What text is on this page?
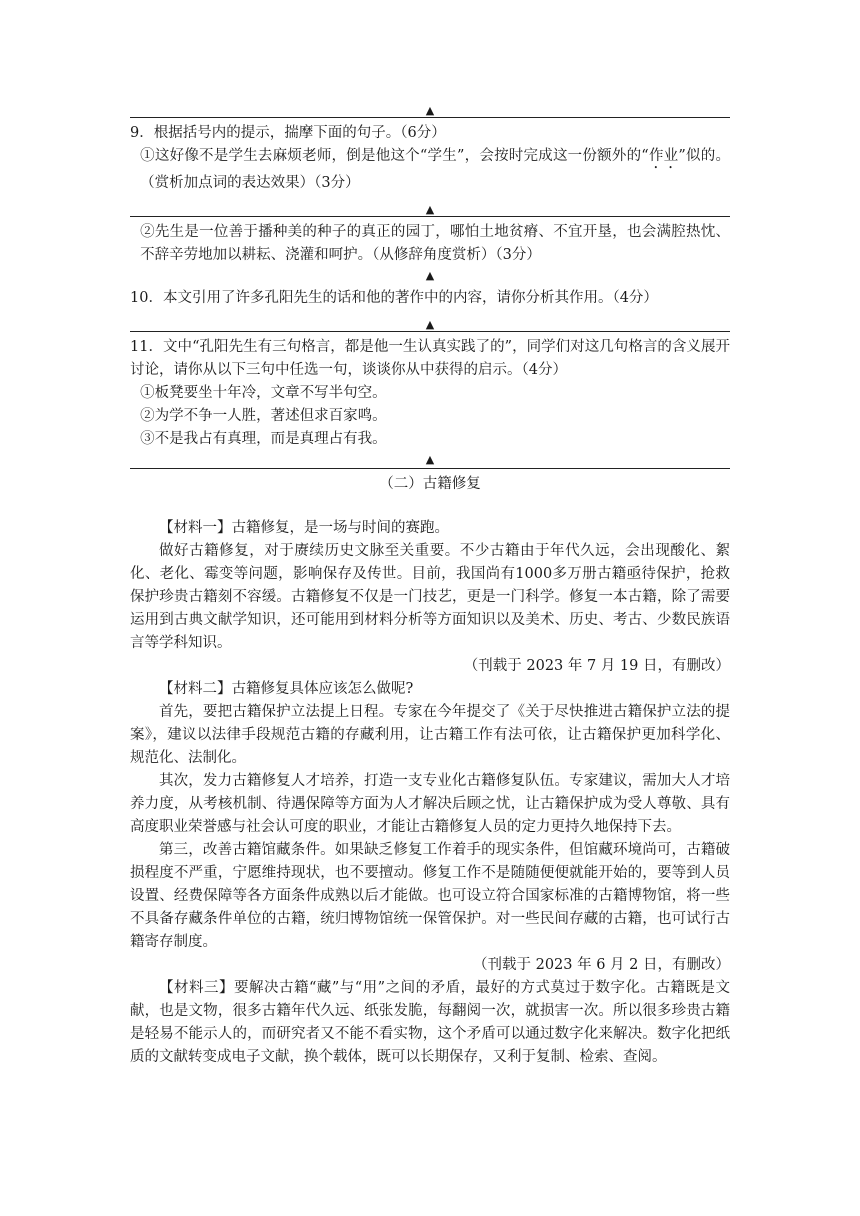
▲

9．根据括号内的提示，揣摩下面的句子。（6分）

①这好像不是学生去麻烦老师，倒是他这个“学生”，会按时完成这一份额外的“作业”似的。（赏析加点词的表达效果）（3分）

▲

②先生是一位善于播种美的种子的真正的园丁，哪怕土地贫瘠、不宜开垦，也会满腔热忱、不辞辛劳地加以耕耘、浇灌和呵护。（从修辞角度赏析）（3分）

▲

10．本文引用了许多孔阳先生的话和他的著作中的内容，请你分析其作用。（4分）

▲

11．文中“孔阳先生有三句格言，都是他一生认真实践了的”，同学们对这几句格言的含义展开讨论，请你从以下三句中任选一句，谈谈你从中获得的启示。（4分）

①板凳要坐十年冷，文章不写半句空。

②为学不争一人胜，著述但求百家鸣。

③不是我占有真理，而是真理占有我。

▲

（二）古籍修复

【材料一】古籍修复，是一场与时间的赛跑。

做好古籍修复，对于赓续历史文脉至关重要。不少古籍由于年代久远，会出现酸化、絮化、老化、霉变等问题，影响保存及传世。目前，我国尚有1000多万册古籍亟待保护，抢救保护珍贵古籍刻不容缓。古籍修复不仅是一门技艺，更是一门科学。修复一本古籍，除了需要运用到古典文献学知识，还可能用到材料分析等方面知识以及美术、历史、考古、少数民族语言等学科知识。

（刊载于 2023 年 7 月 19 日，有删改）

【材料二】古籍修复具体应该怎么做呢?

首先，要把古籍保护立法提上日程。专家在今年提交了《关于尽快推进古籍保护立法的提案》，建议以法律手段规范古籍的存藏利用，让古籍工作有法可依，让古籍保护更加科学化、规范化、法制化。

其次，发力古籍修复人才培养，打造一支专业化古籍修复队伍。专家建议，需加大人才培养力度，从考核机制、待遇保障等方面为人才解决后顾之忧，让古籍保护成为受人尊敬、具有高度职业荣誉感与社会认可度的职业，才能让古籍修复人员的定力更持久地保持下去。

第三，改善古籍馆藏条件。如果缺乏修复工作着手的现实条件，但馆藏环境尚可，古籍破损程度不严重，宁愿维持现状，也不要擅动。修复工作不是随随便便就能开始的，要等到人员设置、经费保障等各方面条件成熟以后才能做。也可设立符合国家标准的古籍博物馆，将一些不具备存藏条件单位的古籍，统归博物馆统一保管保护。对一些民间存藏的古籍，也可试行古籍寄存制度。

（刊载于 2023 年 6 月 2 日，有删改）

【材料三】要解决古籍“藏”与“用”之间的矛盾，最好的方式莫过于数字化。古籍既是文献，也是文物，很多古籍年代久远、纸张发脆，每翻阅一次，就损害一次。所以很多珍贵古籍是轻易不能示人的，而研究者又不能不看实物，这个矛盾可以通过数字化来解决。数字化把纸质的文献转变成电子文献，换个载体，既可以长期保存，又利于复制、检索、查阅。
